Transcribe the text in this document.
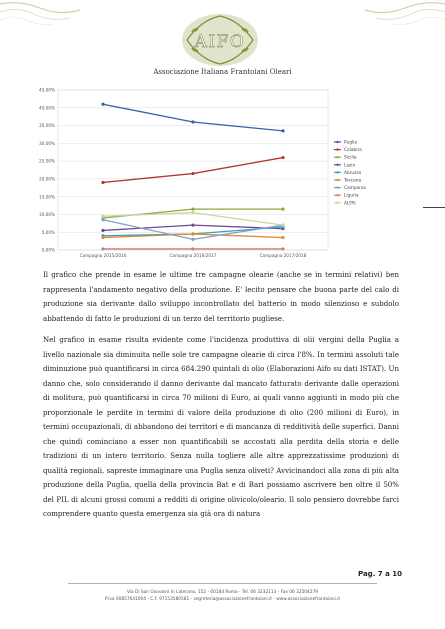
AIFO
Associazione Italiana Frantoiani Oleari
0,00%
5,00%
10,00%
15,00%
20,00%
25,00%
30,00%
35,00%
40,00%
45,00%
Campagna 2015/2016	Campagna 2016/2017	Campagna 2017/2018
Puglia
Calabria
Sicilia
Lazio
Abruzzo
Toscana
Campania
Liguria
ALTRI

Il grafico che prende in esame le ultime tre campagne olearie (anche se in termini relativi) ben rappresenta l'andamento negativo della produzione. E' lecito pensare che buona parte del calo di produzione sia derivante dallo sviluppo incontrollato del batterio in modo silenzioso e subdolo abbattendo di fatto le produzioni di un terzo del territorio pugliese.

Nel grafico in esame risulta evidente come l'incidenza produttiva di olii vergini della Puglia a livello nazionale sia diminuita nelle sole tre campagne olearie di circa l'8%. In termini assoluti tale diminuzione può quantificarsi in circa 684.290 quintali di olio (Elaborazioni Aifo su dati ISTAT). Un danno che, solo considerando il danno derivante dal mancato fatturato derivante dalle operazioni di molitura, può quantificarsi in circa 70 milioni di Euro, ai quali vanno aggiunti in modo più che proporzionale le perdite in termini di valore della produzione di olio (200 milioni di Euro), in termini occupazionali, di abbandono dei territori e di mancanza di redditività delle superfici. Danni che quindi cominciano a esser non quantificabili se accostati alla perdita della storia e delle tradizioni di un intero territorio. Senza nulla togliere alle altre apprezzatissime produzioni di qualità regionali, sapreste immaginare una Puglia senza oliveti? Avvicinandoci alla zona di più alta produzione della Puglia, quella della provincia Bat e di Bari possiamo ascrivere ben oltre il 50% del PIL di alcuni grossi comuni a redditi di origine olivicolo/oleario. Il solo pensiero dovrebbe farci comprendere quanto questa emergenza sia già ora di natura

Pag. 7 a 10
Via Di San Giovanni In Laterano, 152 - 00184 Roma - Tel. 06 3232113 - Fax 06 32504279
P.iva 00857641004 - C.F. 97153580581 - segreteria@associazionefrantoiani.it - www.associazionefrantoiani.it
